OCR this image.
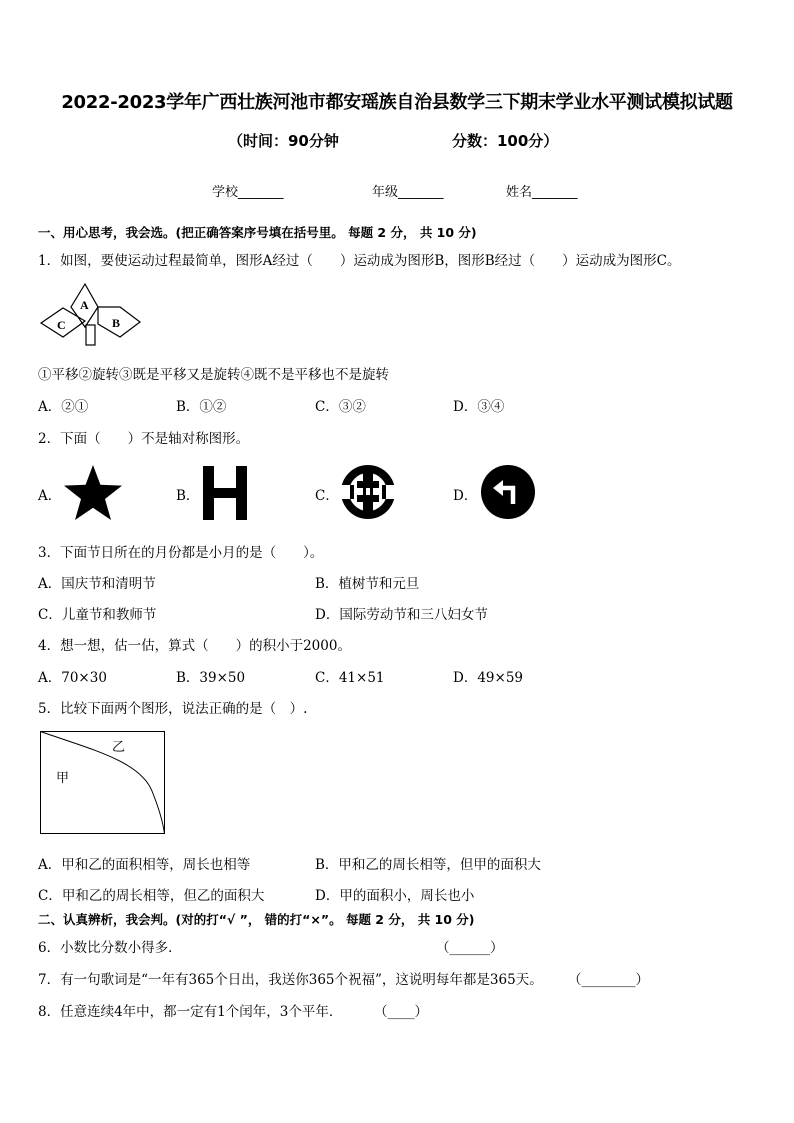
2022-2023学年广西壮族河池市都安瑶族自治县数学三下期末学业水平测试模拟试题
（时间：90分钟	分数：100分）
学校_______	年级_______	姓名_______
一、用心思考，我会选。(把正确答案序号填在括号里。 每题 2 分， 共 10 分)
1．如图，要使运动过程最简单，图形A经过（　　）运动成为图形B，图形B经过（　　）运动成为图形C。
A
B
C
①平移②旋转③既是平移又是旋转④既不是平移也不是旋转
A．②①	B．①②	C．③②	D．③④
2．下面（　　）不是轴对称图形。
A．	B．	C．	D．
3．下面节日所在的月份都是小月的是（　　）。
A．国庆节和清明节	B．植树节和元旦
C．儿童节和教师节	D．国际劳动节和三八妇女节
4．想一想，估一估，算式（　　）的积小于2000。
A．70×30	B．39×50	C．41×51	D．49×59
5．比较下面两个图形，说法正确的是（　）.
甲
乙
A．甲和乙的面积相等，周长也相等	B．甲和乙的周长相等，但甲的面积大
C．甲和乙的周长相等，但乙的面积大	D．甲的面积小，周长也小
二、认真辨析，我会判。(对的打“√ ”， 错的打“×”。 每题 2 分， 共 10 分)
6．小数比分数小得多．	（______）
7．有一句歌词是“一年有365个日出，我送你365个祝福”，这说明每年都是365天。 （________）
8．任意连续4年中，都一定有1个闰年，3个平年． （____）
